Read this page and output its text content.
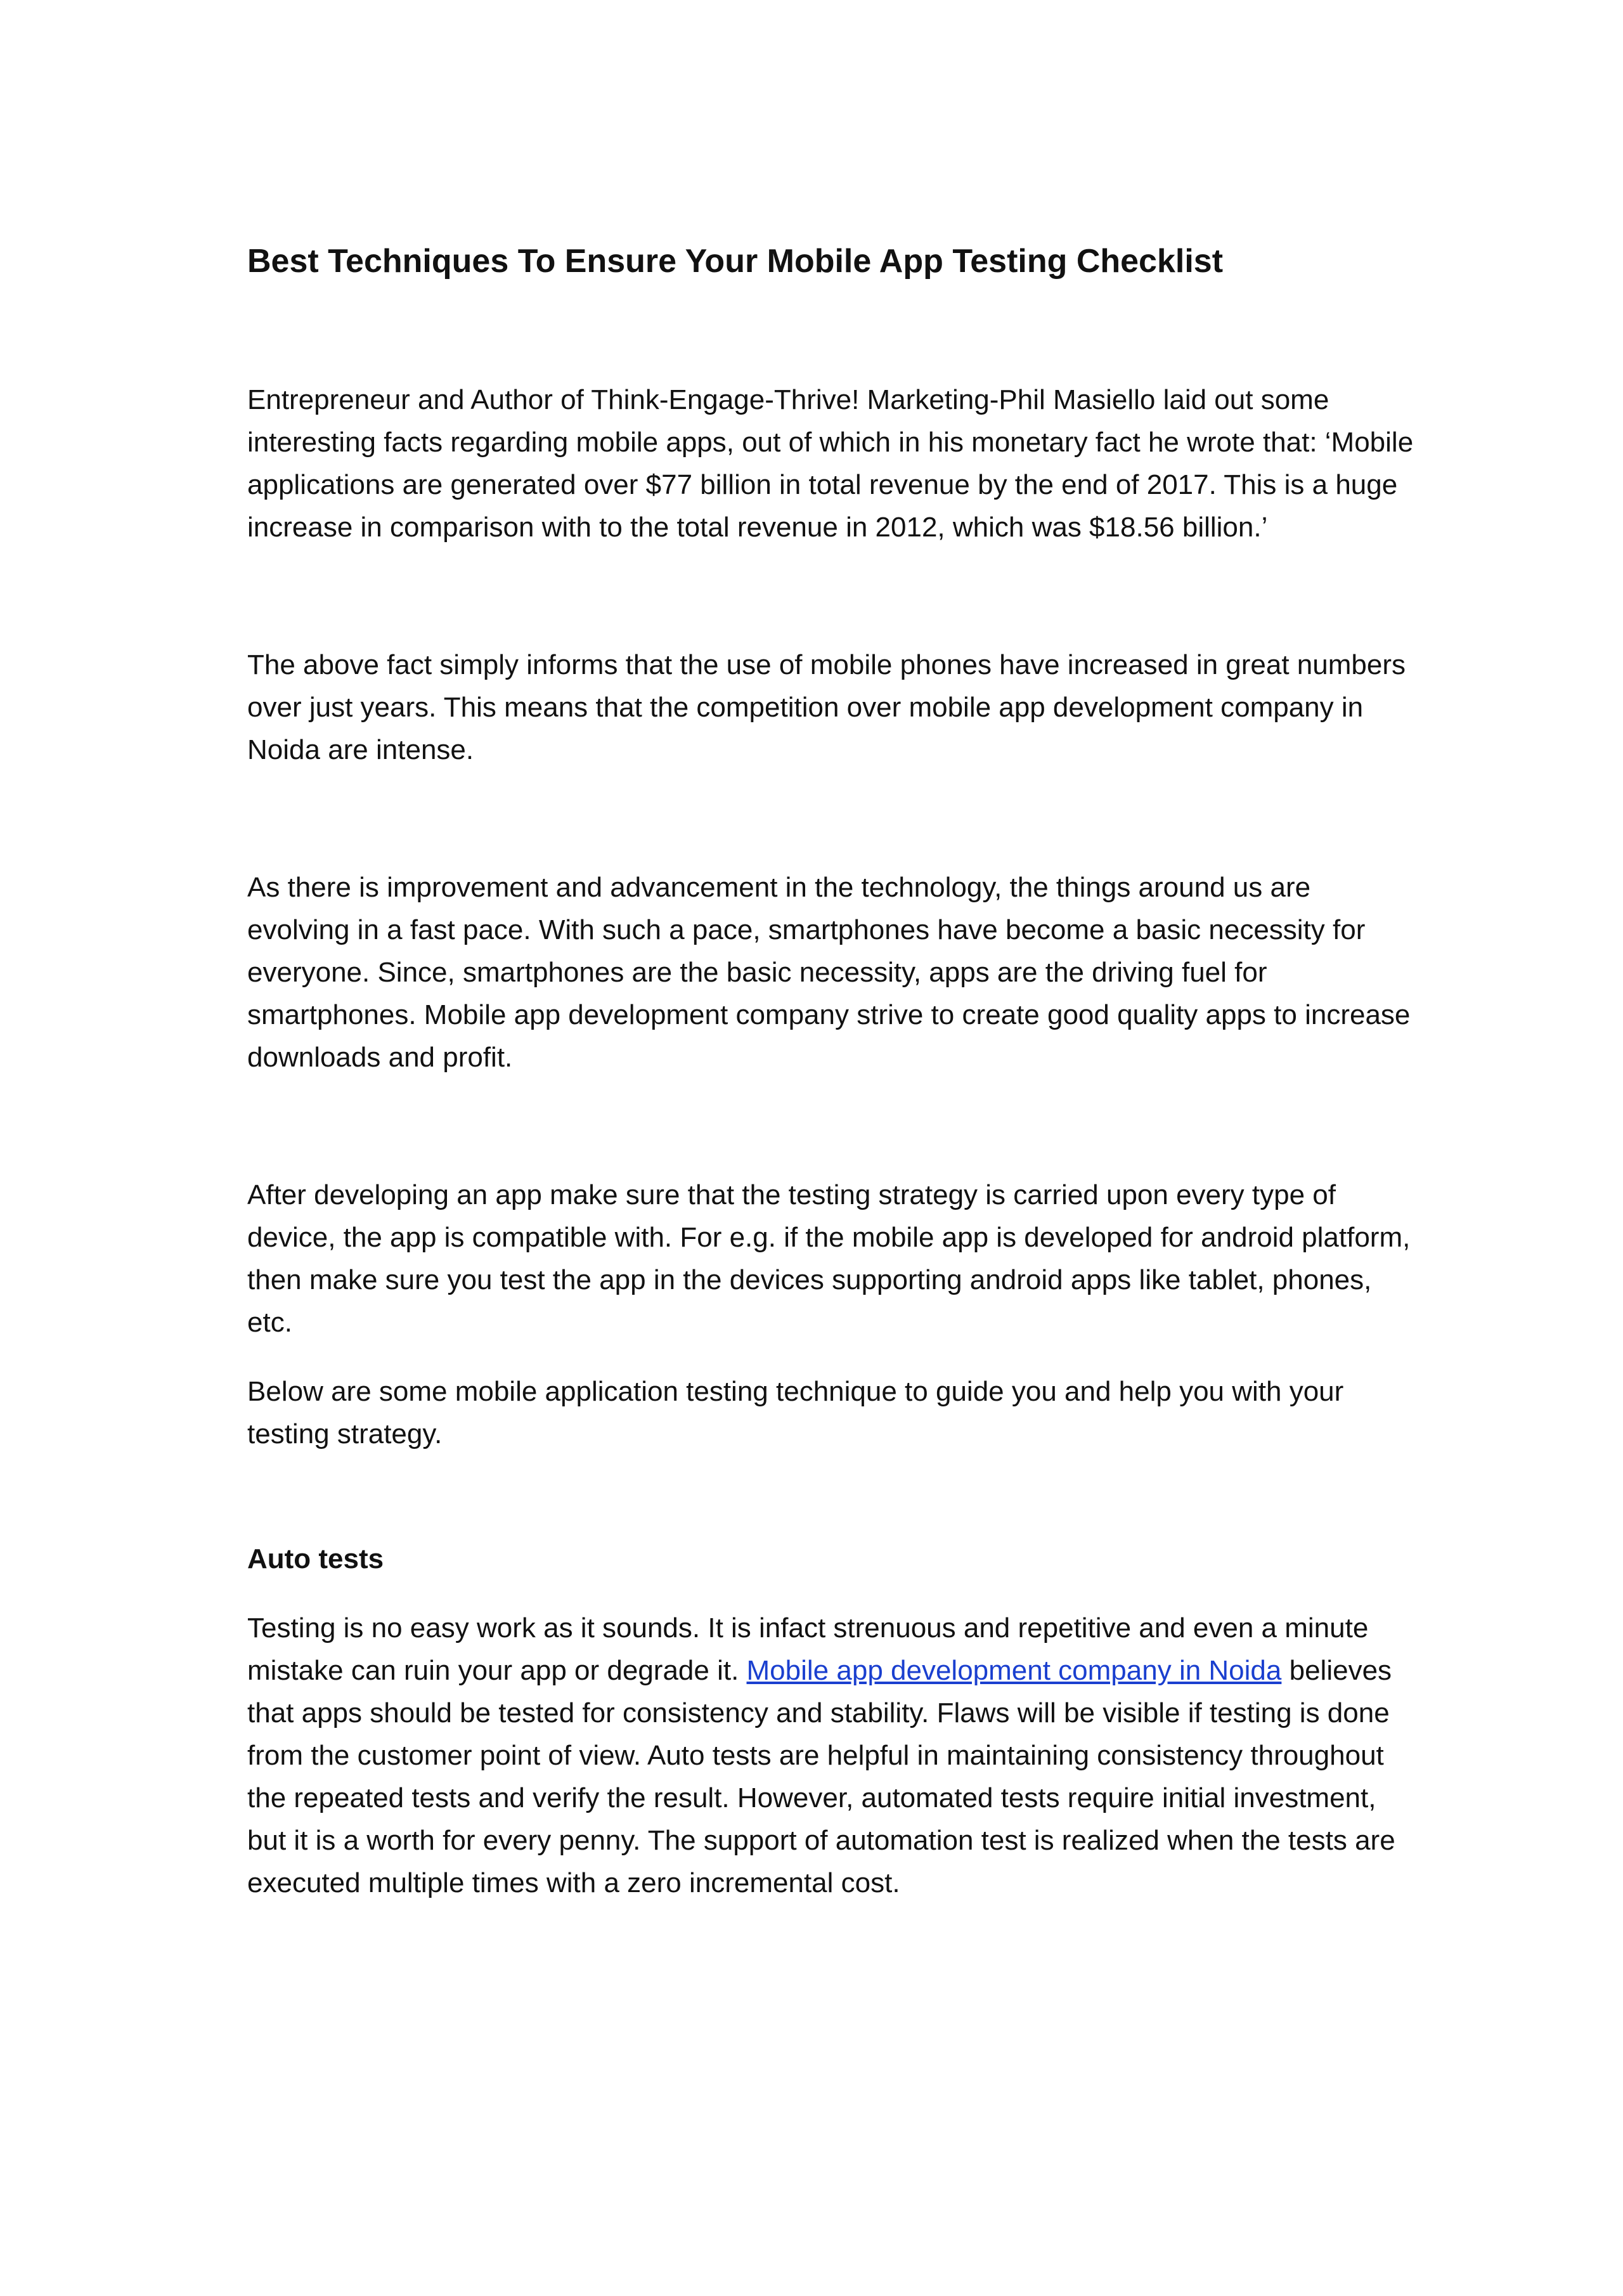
Best Techniques To Ensure Your Mobile App Testing Checklist

Entrepreneur and Author of Think-Engage-Thrive! Marketing-Phil Masiello laid out some interesting facts regarding mobile apps, out of which in his monetary fact he wrote that: ‘Mobile applications are generated over $77 billion in total revenue by the end of 2017. This is a huge increase in comparison with to the total revenue in 2012, which was $18.56 billion.’

The above fact simply informs that the use of mobile phones have increased in great numbers over just years. This means that the competition over mobile app development company in Noida are intense.

As there is improvement and advancement in the technology, the things around us are evolving in a fast pace. With such a pace, smartphones have become a basic necessity for everyone. Since, smartphones are the basic necessity, apps are the driving fuel for smartphones. Mobile app development company strive to create good quality apps to increase downloads and profit.

After developing an app make sure that the testing strategy is carried upon every type of device, the app is compatible with. For e.g. if the mobile app is developed for android platform, then make sure you test the app in the devices supporting android apps like tablet, phones, etc.

Below are some mobile application testing technique to guide you and help you with your testing strategy.

Auto tests

Testing is no easy work as it sounds. It is infact strenuous and repetitive and even a minute mistake can ruin your app or degrade it. Mobile app development company in Noida believes that apps should be tested for consistency and stability. Flaws will be visible if testing is done from the customer point of view. Auto tests are helpful in maintaining consistency throughout the repeated tests and verify the result. However, automated tests require initial investment, but it is a worth for every penny. The support of automation test is realized when the tests are executed multiple times with a zero incremental cost.
